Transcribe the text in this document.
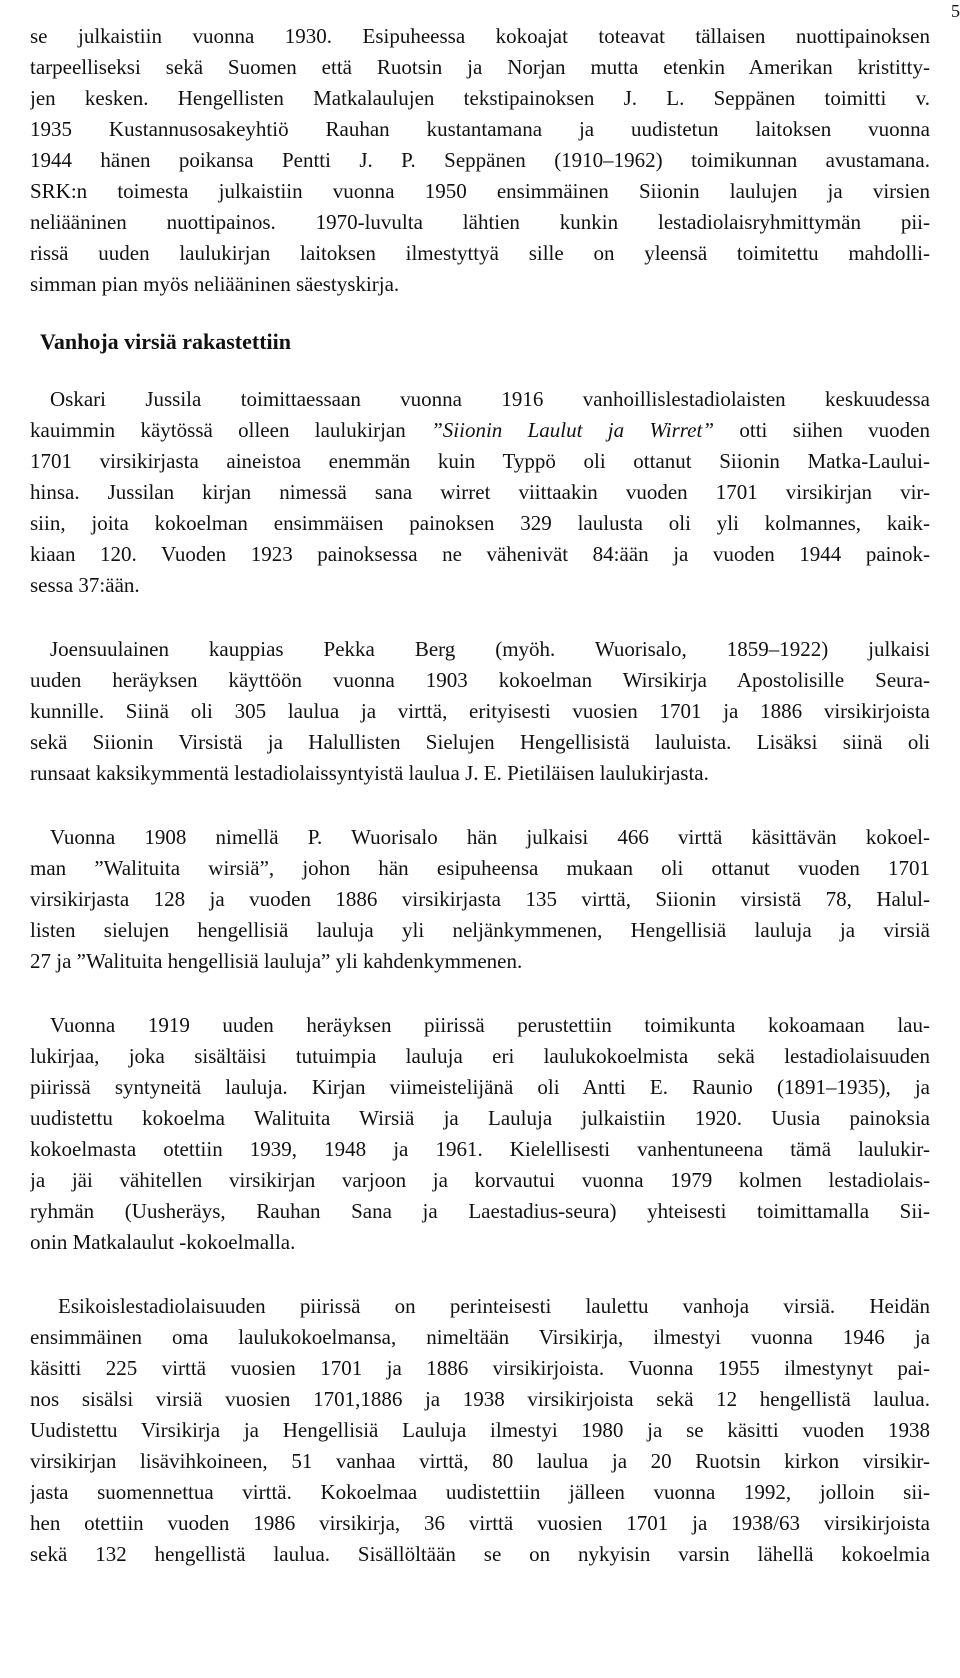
5

se julkaistiin vuonna 1930. Esipuheessa kokoajat toteavat tällaisen nuottipainoksen
tarpeelliseksi sekä Suomen että Ruotsin ja Norjan mutta etenkin Amerikan kristitty-
jen kesken. Hengellisten Matkalaulujen tekstipainoksen J. L. Seppänen toimitti v.
1935 Kustannusosakeyhtiö Rauhan kustantamana ja uudistetun laitoksen vuonna
1944 hänen poikansa Pentti J. P. Seppänen (1910–1962) toimikunnan avustamana.
SRK:n toimesta julkaistiin vuonna 1950 ensimmäinen Siionin laulujen ja virsien
neliääninen nuottipainos. 1970-luvulta lähtien kunkin lestadiolaisryhmittymän pii-
rissä uuden laulukirjan laitoksen ilmestyttyä sille on yleensä toimitettu mahdolli-
simman pian myös neliääninen säestyskirja.

Vanhoja virsiä rakastettiin

Oskari Jussila toimittaessaan vuonna 1916 vanhoillislestadiolaisten keskuudessa
kauimmin käytössä olleen laulukirjan ”Siionin Laulut ja Wirret” otti siihen vuoden
1701 virsikirjasta aineistoa enemmän kuin Typpö oli ottanut Siionin Matka-Laului-
hinsa. Jussilan kirjan nimessä sana wirret viittaakin vuoden 1701 virsikirjan vir-
siin, joita kokoelman ensimmäisen painoksen 329 laulusta oli yli kolmannes, kaik-
kiaan 120. Vuoden 1923 painoksessa ne vähenivät 84:ään ja vuoden 1944 painok-
sessa 37:ään.

Joensuulainen kauppias Pekka Berg (myöh. Wuorisalo, 1859–1922) julkaisi
uuden heräyksen käyttöön vuonna 1903 kokoelman Wirsikirja Apostolisille Seura-
kunnille. Siinä oli 305 laulua ja virttä, erityisesti vuosien 1701 ja 1886 virsikirjoista
sekä Siionin Virsistä ja Halullisten Sielujen Hengellisistä lauluista. Lisäksi siinä oli
runsaat kaksikymmentä lestadiolaissyntyistä laulua J. E. Pietiläisen laulukirjasta.

Vuonna 1908 nimellä P. Wuorisalo hän julkaisi 466 virttä käsittävän kokoel-
man ”Walituita wirsiä”, johon hän esipuheensa mukaan oli ottanut vuoden 1701
virsikirjasta 128 ja vuoden 1886 virsikirjasta 135 virttä, Siionin virsistä 78, Halul-
listen sielujen hengellisiä lauluja yli neljänkymmenen, Hengellisiä lauluja ja virsiä
27 ja ”Walituita hengellisiä lauluja” yli kahdenkymmenen.

Vuonna 1919 uuden heräyksen piirissä perustettiin toimikunta kokoamaan lau-
lukirjaa, joka sisältäisi tutuimpia lauluja eri laulukokoelmista sekä lestadiolaisuuden
piirissä syntyneitä lauluja. Kirjan viimeistelijänä oli Antti E. Raunio (1891–1935), ja
uudistettu kokoelma Walituita Wirsiä ja Lauluja julkaistiin 1920. Uusia painoksia
kokoelmasta otettiin 1939, 1948 ja 1961. Kielellisesti vanhentuneena tämä laulukir-
ja jäi vähitellen virsikirjan varjoon ja korvautui vuonna 1979 kolmen lestadiolais-
ryhmän (Uusheräys, Rauhan Sana ja Laestadius-seura) yhteisesti toimittamalla Sii-
onin Matkalaulut -kokoelmalla.

Esikoislestadiolaisuuden piirissä on perinteisesti laulettu vanhoja virsiä. Heidän
ensimmäinen oma laulukokoelmansa, nimeltään Virsikirja, ilmestyi vuonna 1946 ja
käsitti 225 virttä vuosien 1701 ja 1886 virsikirjoista. Vuonna 1955 ilmestynyt pai-
nos sisälsi virsiä vuosien 1701,1886 ja 1938 virsikirjoista sekä 12 hengellistä laulua.
Uudistettu Virsikirja ja Hengellisiä Lauluja ilmestyi 1980 ja se käsitti vuoden 1938
virsikirjan lisävihkoineen, 51 vanhaa virttä, 80 laulua ja 20 Ruotsin kirkon virsikir-
jasta suomennettua virttä. Kokoelmaa uudistettiin jälleen vuonna 1992, jolloin sii-
hen otettiin vuoden 1986 virsikirja, 36 virttä vuosien 1701 ja 1938/63 virsikirjoista
sekä 132 hengellistä laulua. Sisällöltään se on nykyisin varsin lähellä kokoelmia
